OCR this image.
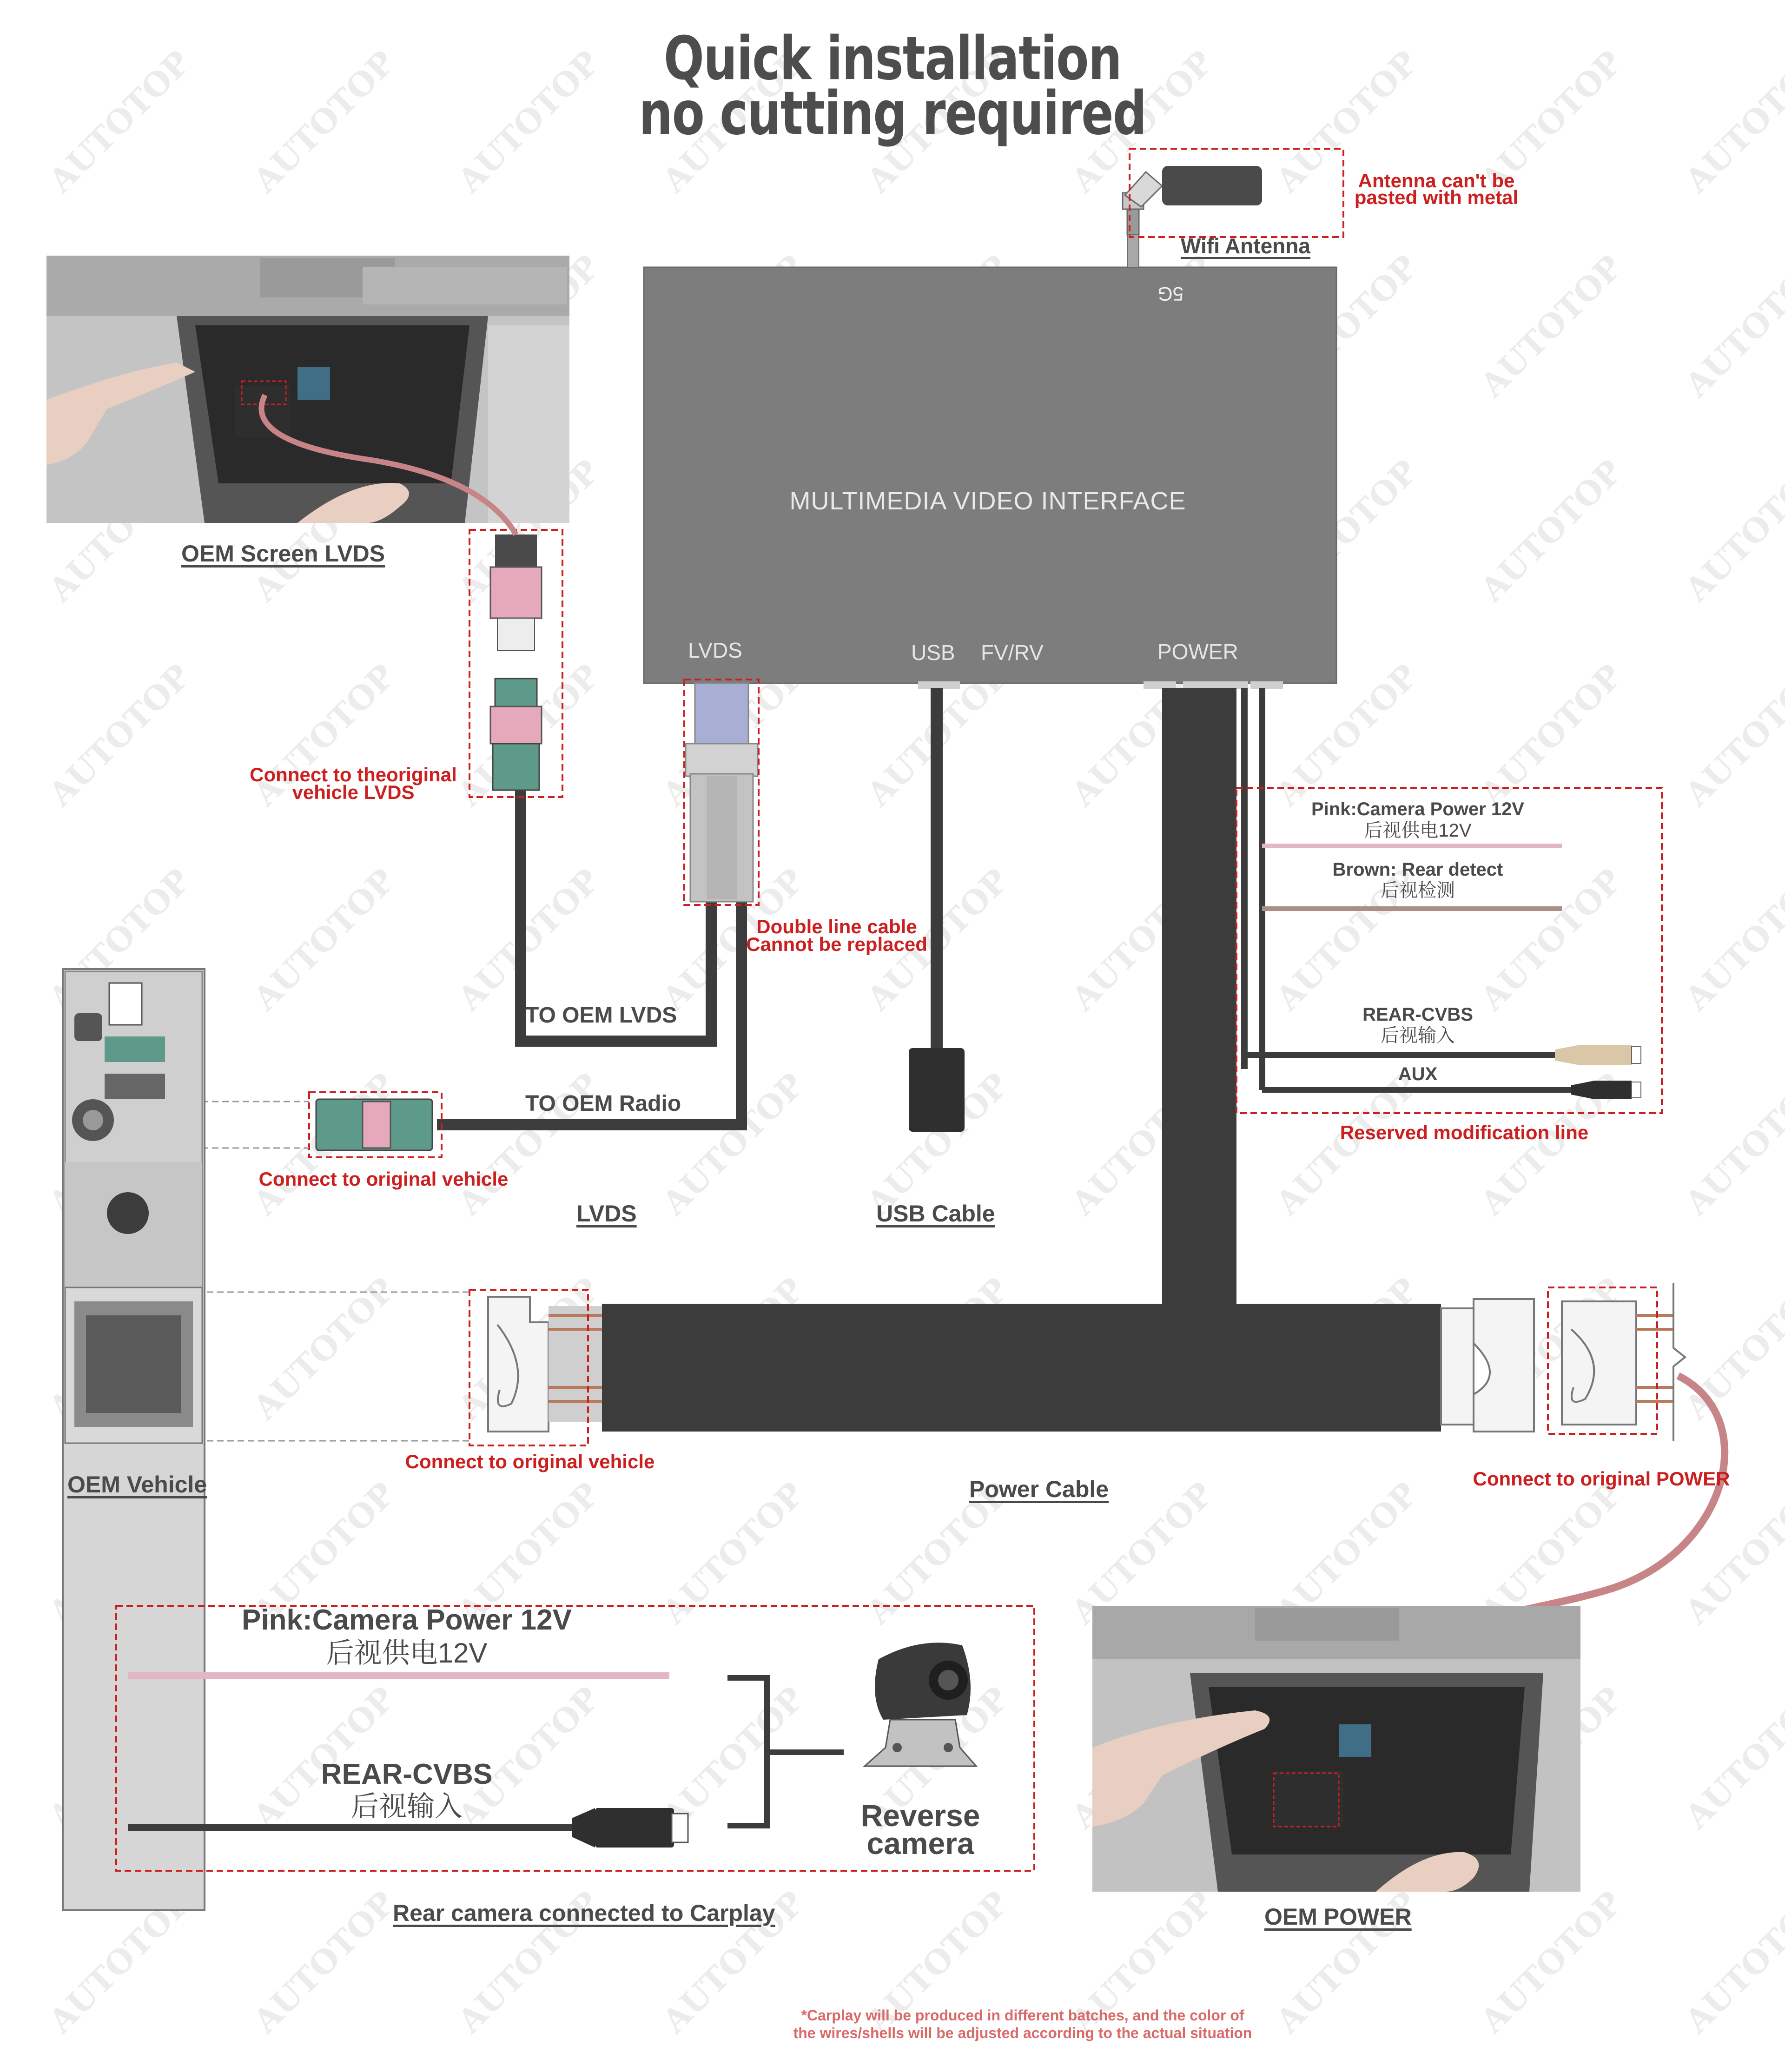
Quick installation
no cutting required
MULTIMEDIA VIDEO INTERFACE
5G
LVDS	USB FV/RV	POWER
Wifi Antenna
Antenna can't be
pasted with metal
OEM Screen LVDS
Connect to theoriginal
vehicle LVDS
Double line cable
Cannot be replaced
TO OEM LVDS
TO OEM Radio
Connect to original vehicle
LVDS	USB Cable
OEM Vehicle
Connect to original vehicle
Power Cable	Connect to original POWER
OEM POWER
Pink:Camera Power 12V
后视供电12V
Brown: Rear detect
后视检测
REAR-CVBS
后视输入
AUX
Reserved modification line
Pink:Camera Power 12V
后视供电12V
REAR-CVBS
后视输入	Reverse
camera
Rear camera connected to Carplay
*Carplay will be produced in different batches, and the color of
the wires/shells will be adjusted according to the actual situation
